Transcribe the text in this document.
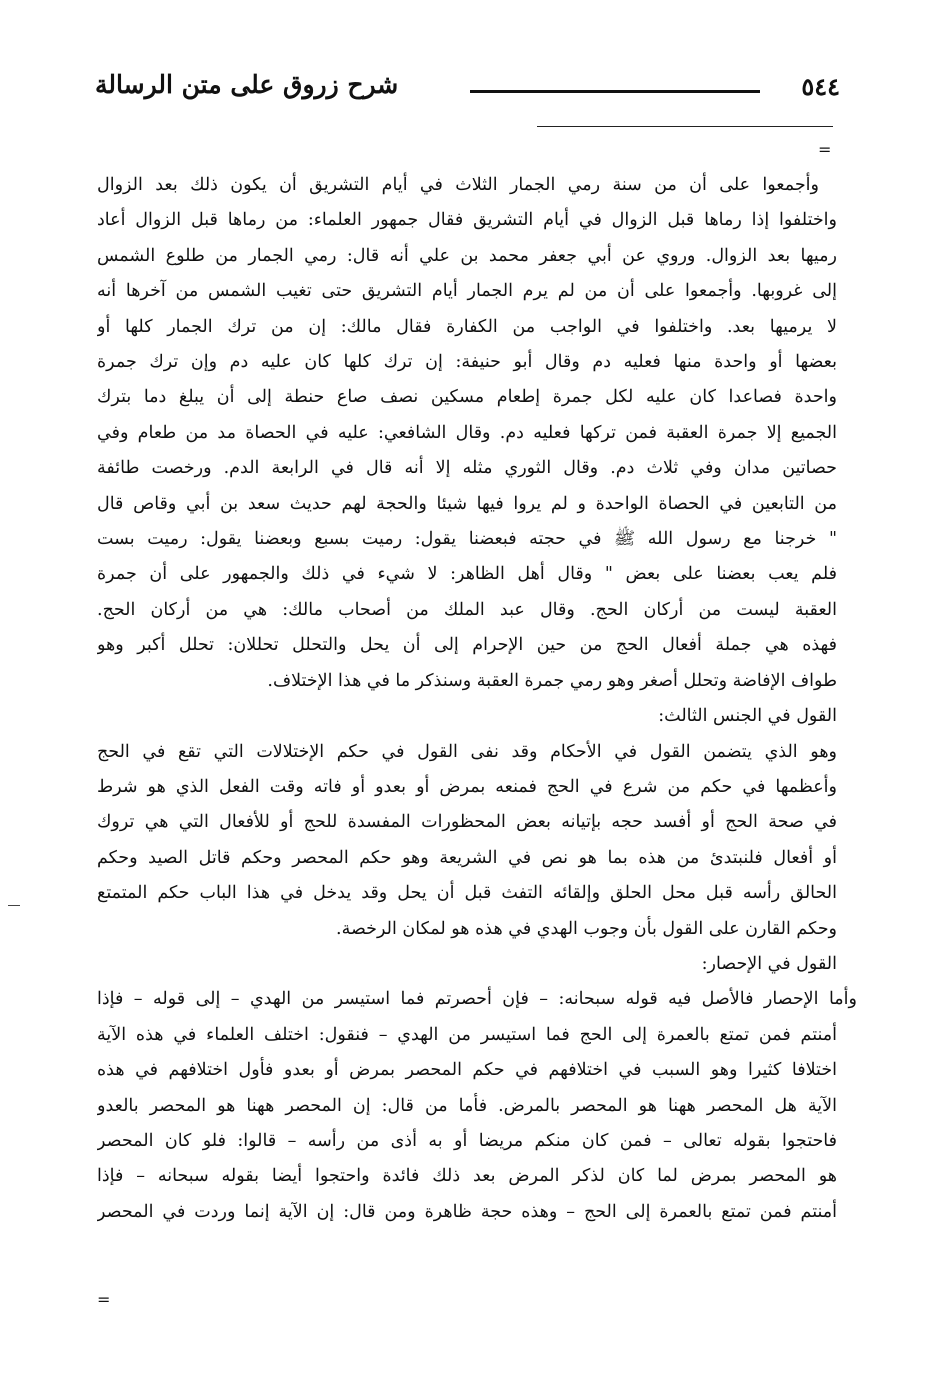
٥٤٤
شرح زروق على متن الرسالة
=

وأجمعوا على أن من سنة رمي الجمار الثلاث في أيام التشريق أن يكون ذلك بعد الزوال
واختلفوا إذا رماها قبل الزوال في أيام التشريق فقال جمهور العلماء: من رماها قبل الزوال أعاد
رميها بعد الزوال. وروي عن أبي جعفر محمد بن علي أنه قال: رمي الجمار من طلوع الشمس
إلى غروبها. وأجمعوا على أن من لم يرم الجمار أيام التشريق حتى تغيب الشمس من آخرها أنه
لا يرميها بعد. واختلفوا في الواجب من الكفارة فقال مالك: إن من ترك الجمار كلها أو
بعضها أو واحدة منها فعليه دم وقال أبو حنيفة: إن ترك كلها كان عليه دم وإن ترك جمرة
واحدة فصاعدا كان عليه لكل جمرة إطعام مسكين نصف صاع حنطة إلى أن يبلغ دما بترك
الجميع إلا جمرة العقبة فمن تركها فعليه دم. وقال الشافعي: عليه في الحصاة مد من طعام وفي
حصاتين مدان وفي ثلاث دم. وقال الثوري مثله إلا أنه قال في الرابعة الدم. ورخصت طائفة
من التابعين في الحصاة الواحدة و لم يروا فيها شيئا والحجة لهم حديث سعد بن أبي وقاص قال
" خرجنا مع رسول الله ﷺ في حجته فبعضنا يقول: رميت بسبع وبعضنا يقول: رميت بست
فلم يعب بعضنا على بعض " وقال أهل الظاهر: لا شيء في ذلك والجمهور على أن جمرة
العقبة ليست من أركان الحج. وقال عبد الملك من أصحاب مالك: هي من أركان الحج.
فهذه هي جملة أفعال الحج من حين الإحرام إلى أن يحل والتحلل تحللان: تحلل أكبر وهو
طواف الإفاضة وتحلل أصغر وهو رمي جمرة العقبة وسنذكر ما في هذا الإختلاف.

القول في الجنس الثالث:

وهو الذي يتضمن القول في الأحكام وقد نفى القول في حكم الإختلالات التي تقع في الحج
وأعظمها في حكم من شرع في الحج فمنعه بمرض أو بعدو أو فاته وقت الفعل الذي هو شرط
في صحة الحج أو أفسد حجه بإتيانه بعض المحظورات المفسدة للحج أو للأفعال التي هي تروك
أو أفعال فلنبتدئ من هذه بما هو نص في الشريعة وهو حكم المحصر وحكم قاتل الصيد وحكم
الحالق رأسه قبل محل الحلق وإلقائه التفث قبل أن يحل وقد يدخل في هذا الباب حكم المتمتع
وحكم القارن على القول بأن وجوب الهدي في هذه هو لمكان الرخصة.

القول في الإحصار:

وأما الإحصار فالأصل فيه قوله سبحانه: – فإن أحصرتم فما استيسر من الهدي – إلى قوله – فإذا
أمنتم فمن تمتع بالعمرة إلى الحج فما استيسر من الهدي – فنقول: اختلف العلماء في هذه الآية
اختلافا كثيرا وهو السبب في اختلافهم في حكم المحصر بمرض أو بعدو فأول اختلافهم في هذه
الآية هل المحصر ههنا هو المحصر بالمرض. فأما من قال: إن المحصر ههنا هو المحصر بالعدو
فاحتجوا بقوله تعالى – فمن كان منكم مريضا أو به أذى من رأسه – قالوا: فلو كان المحصر
هو المحصر بمرض لما كان لذكر المرض بعد ذلك فائدة واحتجوا أيضا بقوله سبحانه – فإذا
أمنتم فمن تمتع بالعمرة إلى الحج – وهذه حجة ظاهرة ومن قال: إن الآية إنما وردت في المحصر

=
